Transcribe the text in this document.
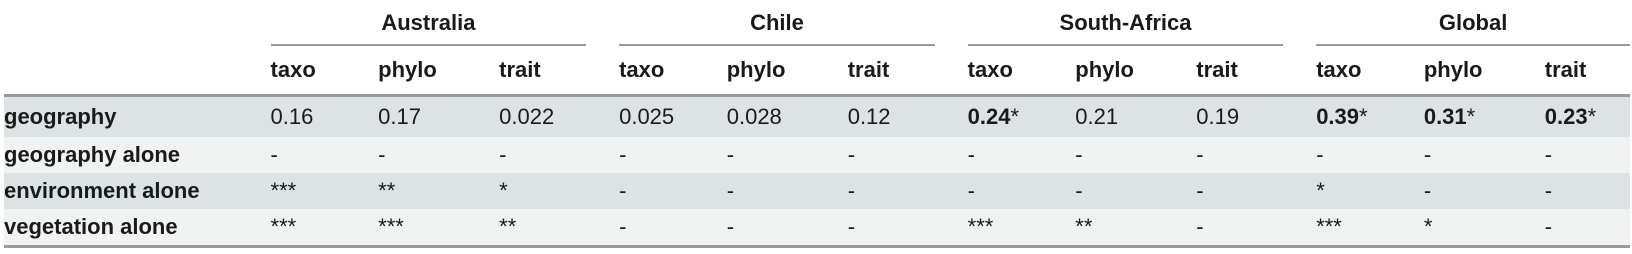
	Australia				Chile				South-Africa				Global		

	taxo	phylo	trait		taxo	phylo	trait		taxo	phylo	trait		taxo	phylo	trait
geography	0.16	0.17	0.022		0.025	0.028	0.12		0.24*	0.21	0.19		0.39*	0.31*	0.23*
geography alone	-	-	-		-	-	-		-	-	-		-	-	-
environment alone	***	**	*		-	-	-		-	-	-		*	-	-
vegetation alone	***	***	**		-	-	-		***	**	-		***	*	-
